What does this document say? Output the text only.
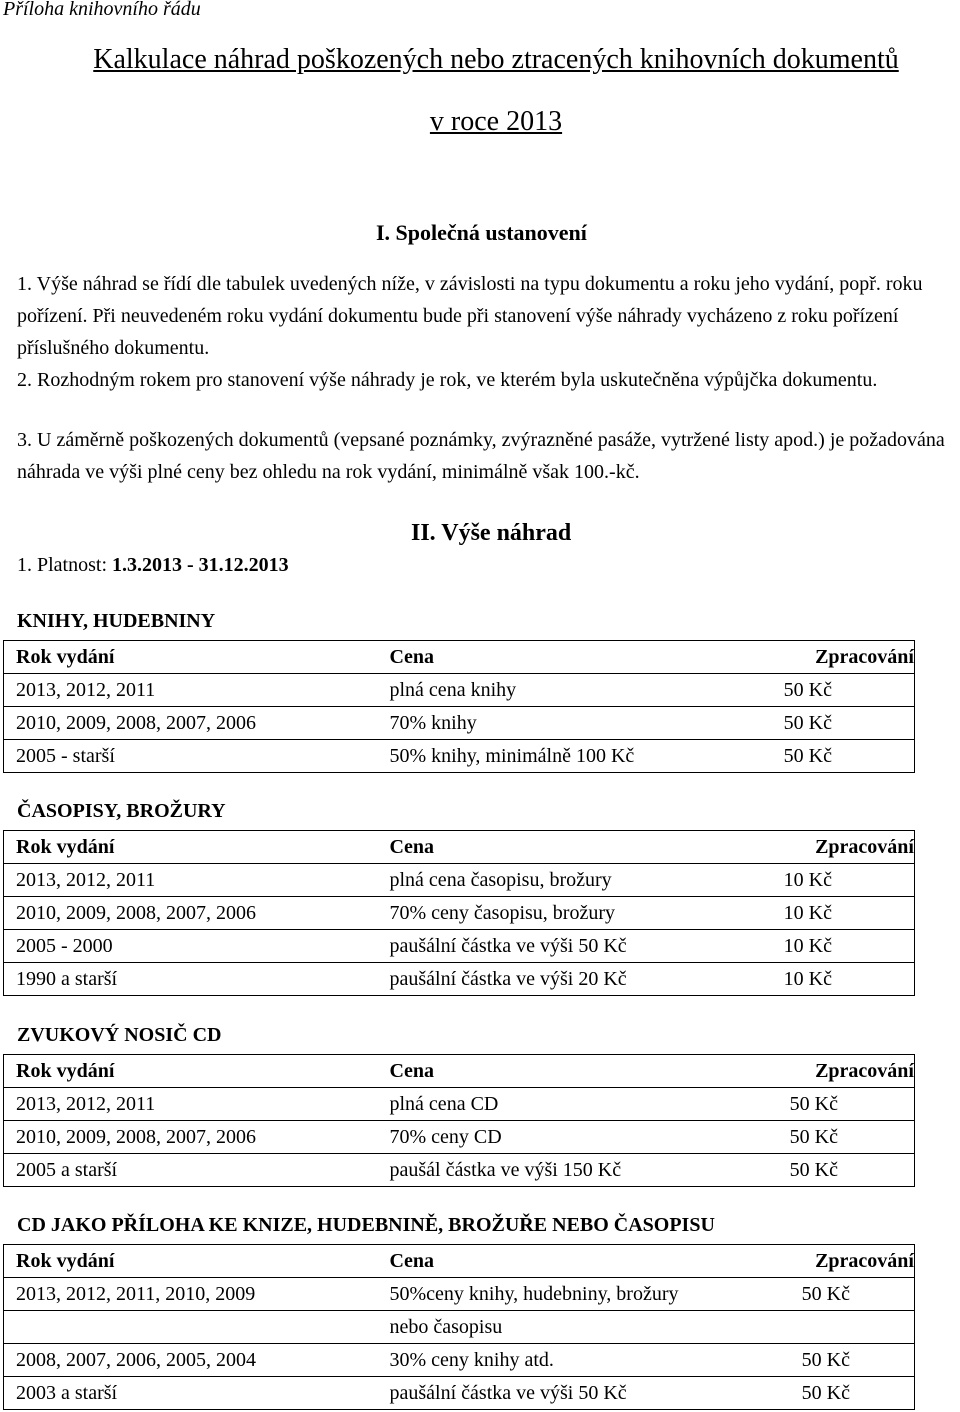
Příloha knihovního řádu
Kalkulace náhrad poškozených nebo ztracených knihovních dokumentů
v roce 2013
I. Společná ustanovení
1. Výše náhrad se řídí dle tabulek uvedených níže, v závislosti na typu dokumentu a roku jeho vydání, popř. roku pořízení. Při neuvedeném roku vydání dokumentu bude při stanovení výše náhrady vycházeno z roku pořízení příslušného dokumentu.
2. Rozhodným rokem pro stanovení výše náhrady je rok, ve kterém byla uskutečněna výpůjčka dokumentu.
3. U záměrně poškozených dokumentů (vepsané poznámky, zvýrazněné pasáže, vytržené listy apod.) je požadována náhrada ve výši plné ceny bez ohledu na rok vydání, minimálně však 100.-kč.
II. Výše náhrad
1. Platnost: 1.3.2013 - 31.12.2013
KNIHY, HUDEBNINY
Rok vydání	Cena	Zpracování
2013, 2012, 2011	plná cena knihy	50 Kč
2010, 2009, 2008, 2007, 2006	70% knihy	50 Kč
2005 - starší	50% knihy, minimálně 100 Kč	50 Kč
ČASOPISY, BROŽURY
Rok vydání	Cena	Zpracování
2013, 2012, 2011	plná cena časopisu, brožury	10 Kč
2010, 2009, 2008, 2007, 2006	70% ceny časopisu, brožury	10 Kč
2005 - 2000	paušální částka ve výši 50 Kč	10 Kč
1990 a starší	paušální částka ve výši 20 Kč	10 Kč
ZVUKOVÝ NOSIČ CD
Rok vydání	Cena	Zpracování
2013, 2012, 2011	plná cena CD	50 Kč
2010, 2009, 2008, 2007, 2006	70% ceny CD	50 Kč
2005 a starší	paušál částka ve výši 150 Kč	50 Kč
CD JAKO PŘÍLOHA KE KNIZE, HUDEBNINĚ, BROŽUŘE NEBO ČASOPISU
Rok vydání	Cena	Zpracování
2013, 2012, 2011, 2010, 2009	50%ceny knihy, hudebniny, brožury	50 Kč
	nebo časopisu	
2008, 2007, 2006, 2005, 2004	30% ceny knihy atd.	50 Kč
2003 a starší	paušální částka ve výši 50 Kč	50 Kč
